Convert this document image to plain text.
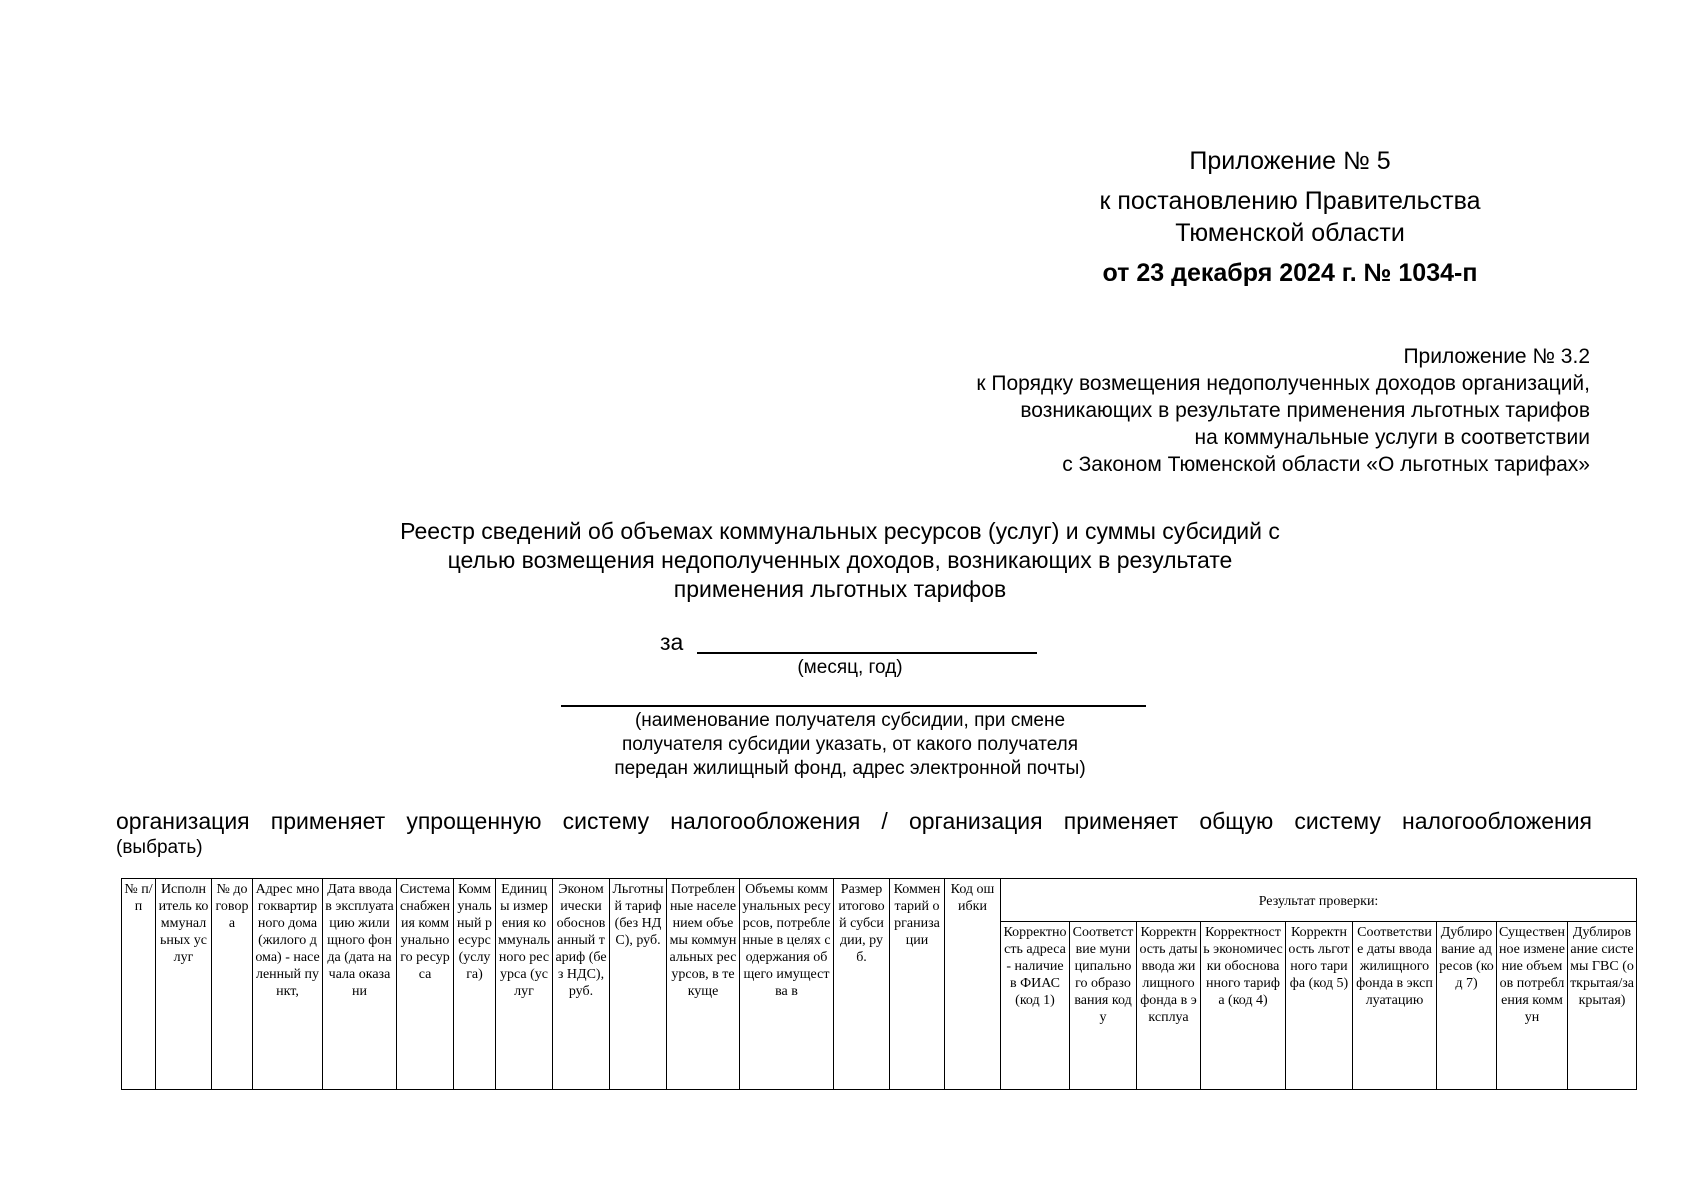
Приложение № 5
к постановлению Правительства
Тюменской области
от 23 декабря 2024 г. № 1034-п
Приложение № 3.2
к Порядку возмещения недополученных доходов организаций,
возникающих в результате применения льготных тарифов
на коммунальные услуги в соответствии
с Законом Тюменской области «О льготных тарифах»
Реестр сведений об объемах коммунальных ресурсов (услуг) и суммы субсидий с
целью возмещения недополученных доходов, возникающих в результате
применения льготных тарифов
за
(месяц, год)
(наименование получателя субсидии, при смене
получателя субсидии указать, от какого получателя
передан жилищный фонд, адрес электронной почты)
организация применяет упрощенную систему налогообложения / организация применяет общую систему налогообложения
(выбрать)
№ п/п	Исполнитель коммунальных услуг	№ договора	Адрес многоквартирного дома (жилого дома) - населенный пункт,	Дата ввода в эксплуатацию жилищного фонда (дата начала оказани	Система снабжения коммунального ресурса	Коммунальный ресурс (услуга)	Единицы измерения коммунального ресурса (услуг	Экономически обоснованный тариф (без НДС), руб.	Льготный тариф (без НДС), руб.	Потребленные населением объемы коммунальных ресурсов, в текуще	Объемы коммунальных ресурсов, потребленные в целях содержания общего имущества в	Размер итоговой субсидии, руб.	Комментарий организации	Код ошибки	Результат проверки:								

															Корректность адреса - наличие в ФИАС (код 1)	Соответствие муниципального образования коду	Корректность даты ввода жилищного фонда в эксплуа	Корректность экономически обоснованного тарифа (код 4)	Корректность льготного тарифа (код 5)	Соответствие даты ввода жилищного фонда в эксплуатацию	Дублирование адресов (код 7)	Существенное изменение объемов потребления коммун	Дублирование системы ГВС (открытая/закрытая)
